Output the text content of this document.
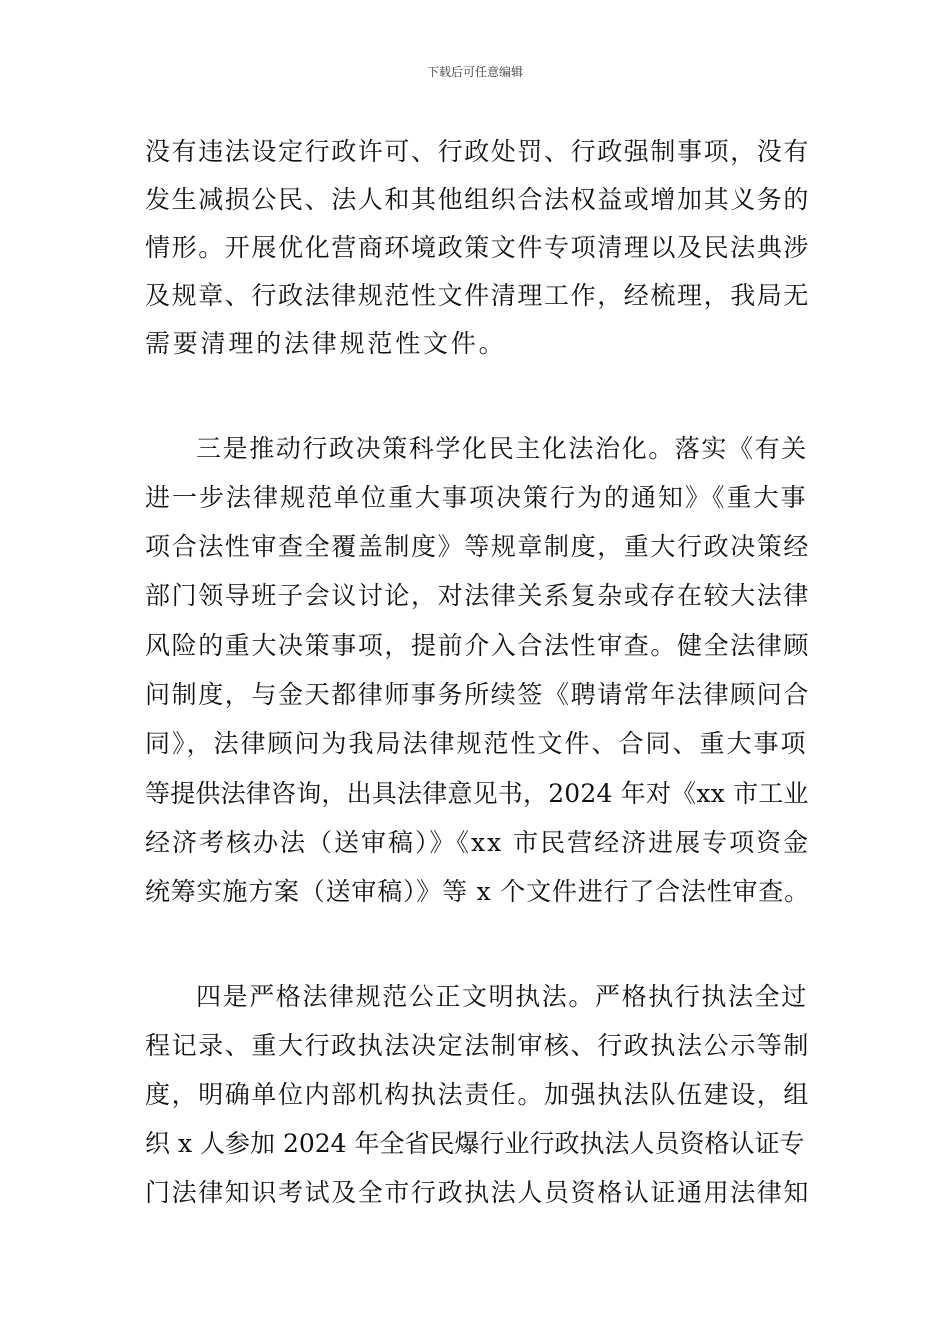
下载后可任意编辑
没有违法设定行政许可、行政处罚、行政强制事项，没有
发生减损公民、法人和其他组织合法权益或增加其义务的
情形。开展优化营商环境政策文件专项清理以及民法典涉
及规章、行政法律规范性文件清理工作，经梳理，我局无
需要清理的法律规范性文件。
三是推动行政决策科学化民主化法治化。落实《有关
进一步法律规范单位重大事项决策行为的通知》《重大事
项合法性审查全覆盖制度》等规章制度，重大行政决策经
部门领导班子会议讨论，对法律关系复杂或存在较大法律
风险的重大决策事项，提前介入合法性审查。健全法律顾
问制度，与金天都律师事务所续签《聘请常年法律顾问合
同》，法律顾问为我局法律规范性文件、合同、重大事项
等提供法律咨询，出具法律意见书，2024 年对《xx 市工业
经济考核办法（送审稿）》《xx 市民营经济进展专项资金
统筹实施方案（送审稿）》等 x 个文件进行了合法性审查。
四是严格法律规范公正文明执法。严格执行执法全过
程记录、重大行政执法决定法制审核、行政执法公示等制
度，明确单位内部机构执法责任。加强执法队伍建设，组
织 x 人参加 2024 年全省民爆行业行政执法人员资格认证专
门法律知识考试及全市行政执法人员资格认证通用法律知
